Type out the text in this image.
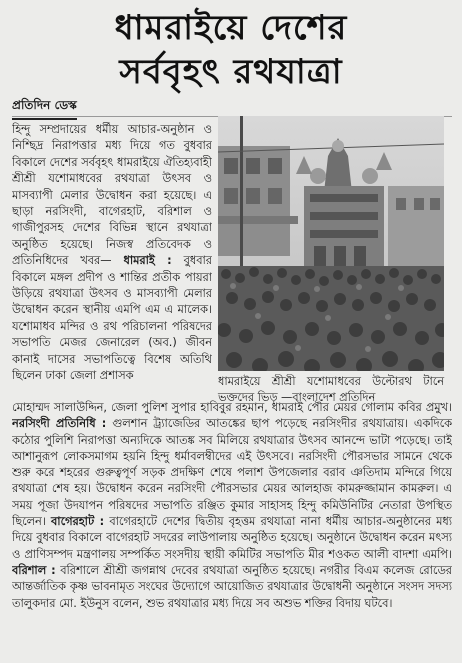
ধামরাইয়ে দেশের
সর্ববৃহৎ রথযাত্রা
প্রতিদিন ডেস্ক
হিন্দু সম্প্রদায়ের ধর্মীয় আচার-অনুষ্ঠান ও নিশ্ছিদ্র নিরাপত্তার মধ্য দিয়ে গত বুধবার বিকালে দেশের সর্ববৃহৎ ধামরাইয়ে ঐতিহ্যবাহী শ্রীশ্রী যশোমাধবের রথযাত্রা উৎসব ও মাসব্যাপী মেলার উদ্বোধন করা হয়েছে। এ ছাড়া নরসিংদী, বাগেরহাট, বরিশাল ও গাজীপুরসহ দেশের বিভিন্ন স্থানে রথযাত্রা অনুষ্ঠিত হয়েছে। নিজস্ব প্রতিবেদক ও প্রতিনিধিদের খবর— ধামরাই : বুধবার বিকালে মঙ্গল প্রদীপ ও শান্তির প্রতীক পায়রা উড়িয়ে রথযাত্রা উৎসব ও মাসব্যাপী মেলার উদ্বোধন করেন স্থানীয় এমপি এম এ মালেক। যশোমাধব মন্দির ও রথ পরিচালনা পরিষদের সভাপতি মেজর জেনারেল (অব.) জীবন কানাই দাসের সভাপতিত্বে বিশেষ অতিথি ছিলেন ঢাকা জেলা প্রশাসক	ধামরাইয়ে শ্রীশ্রী যশোমাধবের উল্টোরথ টানে ভক্তদের ভিড় —বাংলাদেশ প্রতিদিন
মোহাম্মদ সালাউদ্দিন, জেলা পুলিশ সুপার হাবিবুর রহমান, ধামরাই পৌর মেয়র গোলাম কবির প্রমুখ। নরসিংদী প্রতিনিধি : গুলশান ট্র্যাজেডির আতঙ্কের ছাপ পড়েছে নরসিংদীর রথযাত্রায়। একদিকে কঠোর পুলিশি নিরাপত্তা অন্যদিকে আতঙ্ক সব মিলিয়ে রথযাত্রার উৎসব আনন্দে ভাটা পড়েছে। তাই আশানুরূপ লোকসমাগম হয়নি হিন্দু ধর্মাবলম্বীদের এই উৎসবে। নরসিংদী পৌরসভার সামনে থেকে শুরু করে শহরের গুরুত্বপূর্ণ সড়ক প্রদক্ষিণ শেষে পলাশ উপজেলার বরাব ঞতিদাম মন্দিরে গিয়ে রথযাত্রা শেষ হয়। উদ্বোধন করেন নরসিংদী পৌরসভার মেয়র আলহাজ কামরুজ্জামান কামরুল। এ সময় পূজা উদযাপন পরিষদের সভাপতি রঞ্জিত কুমার সাহাসহ হিন্দু কমিউনিটির নেতারা উপস্থিত ছিলেন। বাগেরহাট : বাগেরহাটে দেশের দ্বিতীয় বৃহত্তম রথযাত্রা নানা ধর্মীয় আচার-অনুষ্ঠানের মধ্য দিয়ে বুধবার বিকালে বাগেরহাট সদরের লাউপালায় অনুষ্ঠিত হয়েছে। অনুষ্ঠানে উদ্বোধন করেন মৎস্য ও প্রাণিসম্পদ মন্ত্রণালয় সম্পর্কিত সংসদীয় স্থায়ী কমিটির সভাপতি মীর শওকত আলী বাদশা এমপি। বরিশাল : বরিশালে শ্রীশ্রী জগন্নাথ দেবের রথযাত্রা অনুষ্ঠিত হয়েছে। নগরীর বিএম কলেজ রোডের আন্তর্জাতিক কৃষ্ণ ভাবনামৃত সংঘের উদ্যোগে আয়োজিত রথযাত্রার উদ্বোধনী অনুষ্ঠানে সংসদ সদস্য তালুকদার মো. ইউনুস বলেন, শুভ রথযাত্রার মধ্য দিয়ে সব অশুভ শক্তির বিদায় ঘটবে।
